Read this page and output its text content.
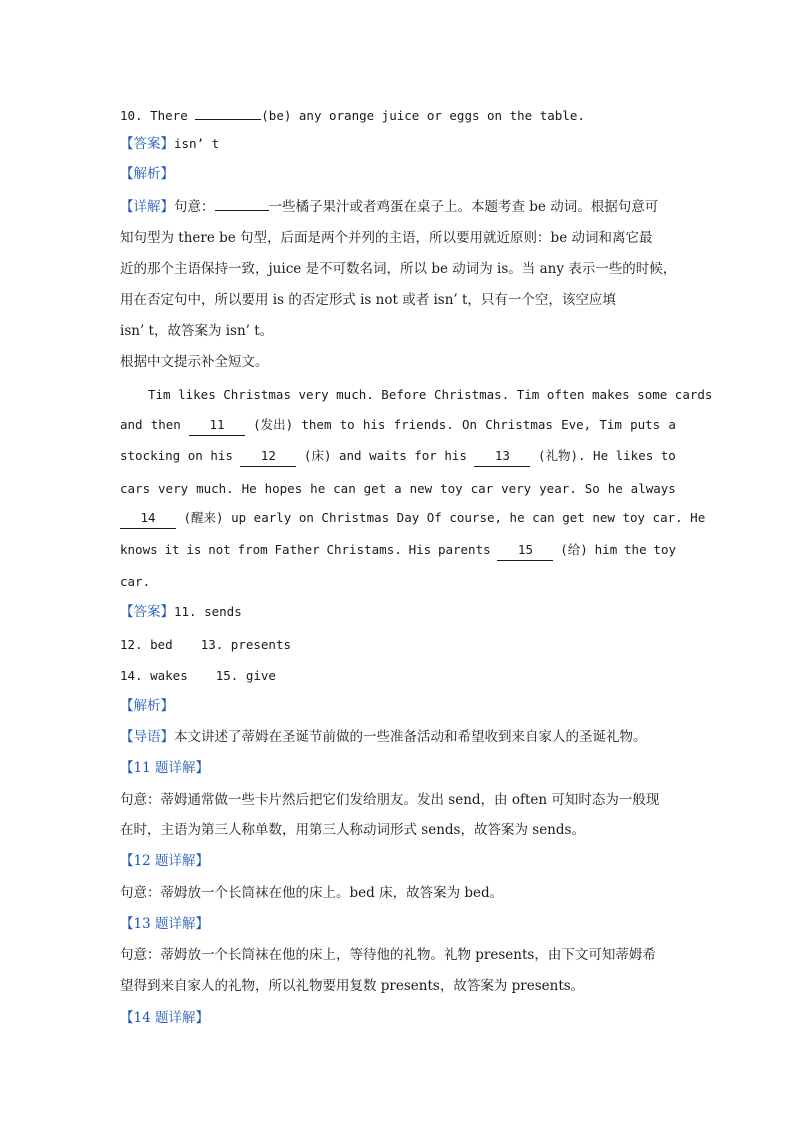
10. There	(be) any orange juice or eggs on the table.
【答案】isn’ t
【解析】
【详解】句意：	一些橘子果汁或者鸡蛋在桌子上。本题考查 be 动词。根据句意可
知句型为 there be 句型，后面是两个并列的主语，所以要用就近原则：be 动词和离它最
近的那个主语保持一致，juice 是不可数名词，所以 be 动词为 is。当 any 表示一些的时候，
用在否定句中，所以要用 is 的否定形式 is not 或者 isn’ t，只有一个空，该空应填
isn’ t，故答案为 isn’ t。
根据中文提示补全短文。
Tim likes Christmas very much. Before Christmas. Tim often makes some cards
and then	11	(发出) them to his friends. On Christmas Eve, Tim puts a
stocking on his	12	(床) and waits for his	13	(礼物). He likes to
cars very much. He hopes he can get a new toy car very year. So he always
14 (醒来) up early on Christmas Day Of course, he can get new toy car. He
knows it is not from Father Christams. His parents	15	(给) him the toy
car.
【答案】11. sends
12. bed 13. presents
14. wakes 15. give
【解析】
【导语】本文讲述了蒂姆在圣诞节前做的一些准备活动和希望收到来自家人的圣诞礼物。
【11 题详解】
句意：蒂姆通常做一些卡片然后把它们发给朋友。发出 send，由 often 可知时态为一般现
在时，主语为第三人称单数，用第三人称动词形式 sends，故答案为 sends。
【12 题详解】
句意：蒂姆放一个长筒袜在他的床上。bed 床，故答案为 bed。
【13 题详解】
句意：蒂姆放一个长筒袜在他的床上，等待他的礼物。礼物 presents，由下文可知蒂姆希
望得到来自家人的礼物，所以礼物要用复数 presents，故答案为 presents。
【14 题详解】
